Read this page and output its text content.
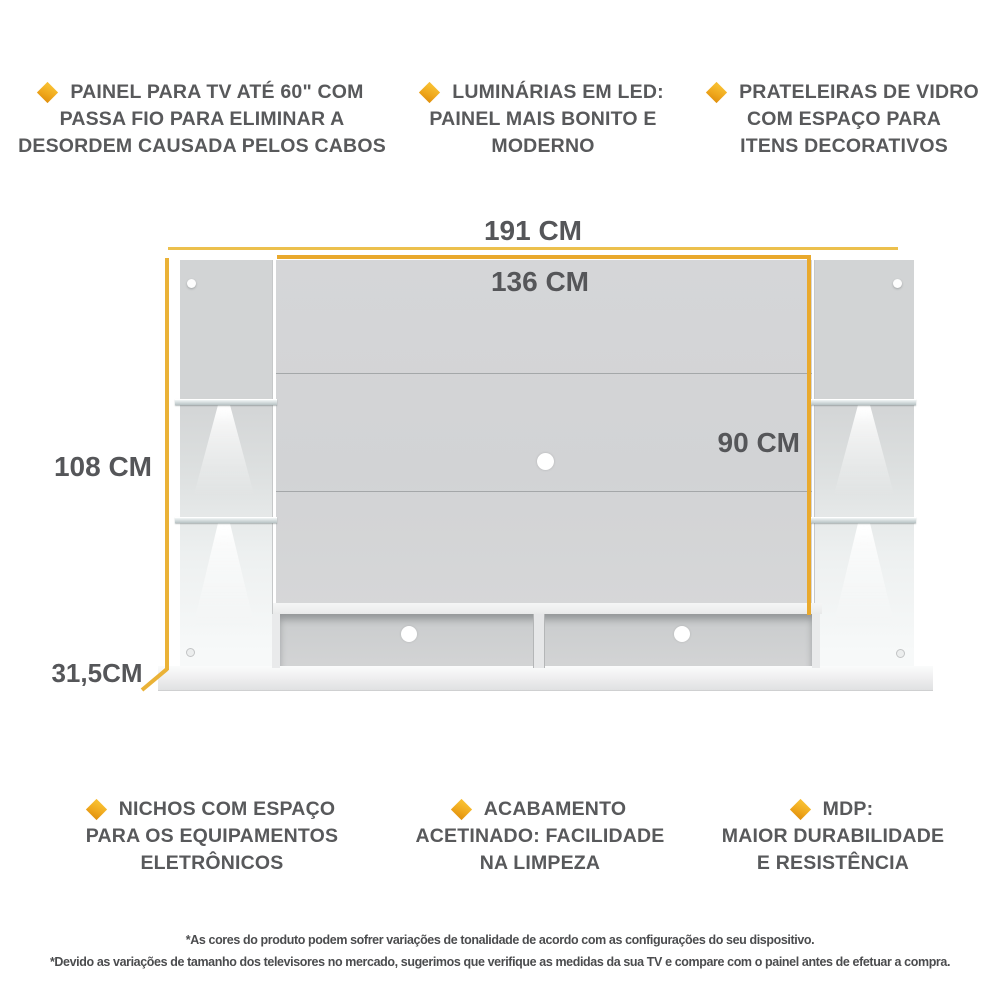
PAINEL PARA TV ATÉ 60" COM
PASSA FIO PARA ELIMINAR A
DESORDEM CAUSADA PELOS CABOS
LUMINÁRIAS EM LED:
PAINEL MAIS BONITO E
MODERNO
PRATELEIRAS DE VIDRO
COM ESPAÇO PARA
ITENS DECORATIVOS
191 CM
108 CM
31,5CM
136 CM
90 CM
NICHOS COM ESPAÇO
PARA OS EQUIPAMENTOS
ELETRÔNICOS
ACABAMENTO
ACETINADO: FACILIDADE
NA LIMPEZA
MDP:
MAIOR DURABILIDADE
E RESISTÊNCIA
*As cores do produto podem sofrer variações de tonalidade de acordo com as configurações do seu dispositivo.
*Devido as variações de tamanho dos televisores no mercado, sugerimos que verifique as medidas da sua TV e compare com o painel antes de efetuar a compra.
